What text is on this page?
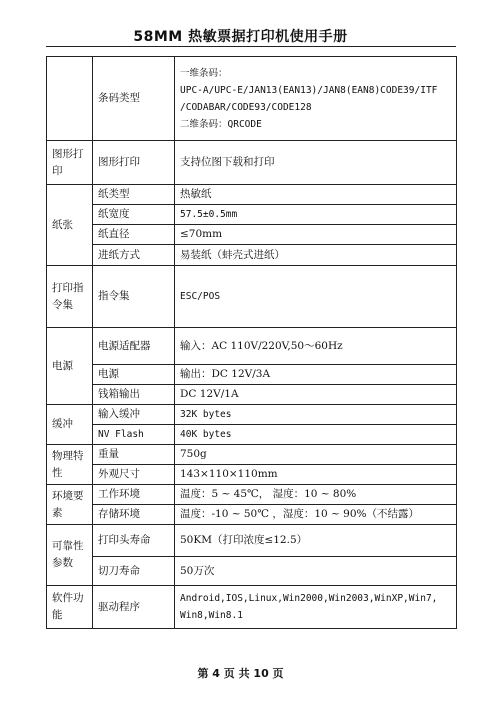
58MM 热敏票据打印机使用手册
	条码类型	一维条码：
UPC-A/UPC-E/JAN13(EAN13)/JAN8(EAN8)CODE39/ITF
/CODABAR/CODE93/CODE128
二维条码：QRCODE

图形打印	图形打印	支持位图下载和打印
纸张	纸类型	热敏纸
	纸宽度	57.5±0.5mm
	纸直径	≤70mm
	进纸方式	易装纸（蚌壳式进纸）
打印指令集	指令集	ESC/POS
电源	电源适配器	输入：AC 110V/220V,50～60Hz
	电源	输出：DC 12V/3A
	钱箱输出	DC 12V/1A
缓冲	输入缓冲	32K bytes
	NV Flash	40K bytes
物理特性	重量	750g
	外观尺寸	143×110×110mm
环境要素	工作环境	温度：5 ~ 45℃， 湿度：10 ~ 80%
	存储环境	温度：-10 ~ 50℃ ，湿度：10 ~ 90%（不结露）
可靠性参数	打印头寿命	50KM（打印浓度≤12.5）
	切刀寿命	50万次
软件功能	驱动程序	Android,IOS,Linux,Win2000,Win2003,WinXP,Win7,
Win8,Win8.1
第 4 页 共 10 页
